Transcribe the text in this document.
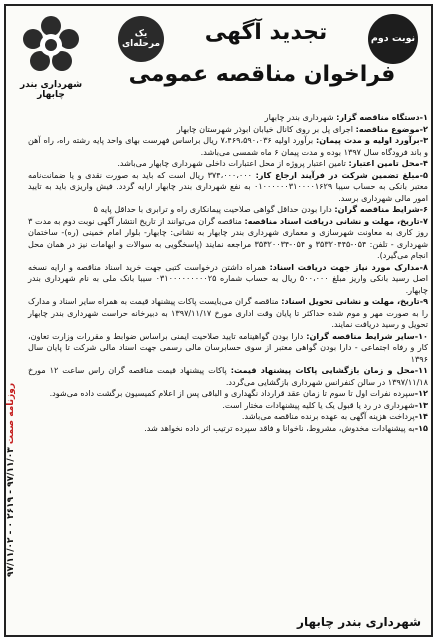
شهرداری بندر چابهار
یک مرحله‌ای
نوبت دوم
تجدید آگهی
فراخوان مناقصه عمومی

۱-دستگاه مناقصه گزار: شهرداری بندر چابهار

۲-موضوع مناقصه: اجرای پل بر روی کانال خیابان ابوذر شهرستان چابهار

۳-برآورد اولیه و مدت پیمان: برآورد اولیه ۷،۴۶۹،۵۹۰،۰۳۶ ریال براساس فهرست بهای واحد پایه رشته راه، راه آهن و باند فرودگاه سال ۱۳۹۷ بوده و مدت پیمان ۶ ماه شمسی می‌باشد.

۴-محل تامین اعتبار: تامین اعتبار پروژه از محل اعتبارات داخلی شهرداری چابهار می‌باشد.

۵-مبلغ تضمین شرکت در فرآیند ارجاع کار: ۳۷۴،۰۰۰،۰۰۰ ریال است که باید به صورت نقدی و یا ضمانت‌نامه معتبر بانکی به حساب سیبا ۰۱۰۰۰۰۰۰۳۱۰۰۰۰۱۶۲۹ به نفع شهرداری بندر چابهار ارایه گردد. فیش واریزی باید به تایید امور مالی شهرداری برسد.

۶-شرایط مناقصه گران: دارا بودن حداقل گواهی صلاحیت پیمانکاری راه و ترابری با حداقل پایه ۵

۷-تاریخ، مهلت و نشانی دریافت اسناد مناقصه: مناقصه گران می‌توانند از تاریخ انتشار آگهی نوبت دوم به مدت ۳ روز کاری به معاونت شهرسازی و معماری شهرداری بندر چابهار به نشانی: چابهار- بلوار امام خمینی (ره)- ساختمان شهرداری - تلفن: ۰۵۴-۳۵۳۲۰۴۴۵ و ۰۵۴-۳۵۳۲۰۰۳۴ مراجعه نمایند (پاسخگویی به سوالات و ابهامات نیز در همان محل انجام می‌گیرد).

۸-مدارک مورد نیاز جهت دریافت اسناد: همراه داشتن درخواست کتبی جهت خرید اسناد مناقصه و ارایه نسخه اصل رسید بانکی واریز مبلغ ۵۰۰،۰۰۰ ریال به حساب شماره ۰۳۱۰۰۰۰۰۰۰۰۰۲۵ سیبا بانک ملی به نام شهرداری بندر چابهار.

۹-تاریخ، مهلت و نشانی تحویل اسناد: مناقصه گران می‌بایست پاکات پیشنهاد قیمت به همراه سایر اسناد و مدارک را به صورت مهر و موم شده حداکثر تا پایان وقت اداری مورخ ۱۳۹۷/۱۱/۱۷ به دبیرخانه حراست شهرداری بندر چابهار تحویل و رسید دریافت نمایند.

۱۰-سایر شرایط مناقصه گران: دارا بودن گواهینامه تایید صلاحیت ایمنی براساس ضوابط و مقررات وزارت تعاون، کار و رفاه اجتماعی - دارا بودن گواهی معتبر از سوی حسابرسان مالی رسمی جهت اسناد مالی شرکت تا پایان سال ۱۳۹۶

۱۱-محل و زمان بازگشایی پاکات پیشنهاد قیمت: پاکات پیشنهاد قیمت مناقصه گران راس ساعت ۱۲ مورخ ۱۳۹۷/۱۱/۱۸ در سالن کنفرانس شهرداری بازگشایی می‌گردد.

۱۲-سپرده نفرات اول تا سوم تا زمان عقد قرارداد نگهداری و الباقی پس از اعلام کمیسیون برگشت داده می‌شود.

۱۳-شهرداری در رد یا قبول یک یا کلیه پیشنهادات مختار است.

۱۴-پرداخت هزینه آگهی به عهده برنده مناقصه می‌باشد.

۱۵-به پیشنهادات مخدوش، مشروط، ناخوانا و فاقد سپرده ترتیب اثر داده نخواهد شد.

شهرداری بندر چابهار
روزنامه صمت ۹۷/۱۱/۰۳ - ۲۶۱۹ ۰ - ۹۷/۱۱/۰۲
